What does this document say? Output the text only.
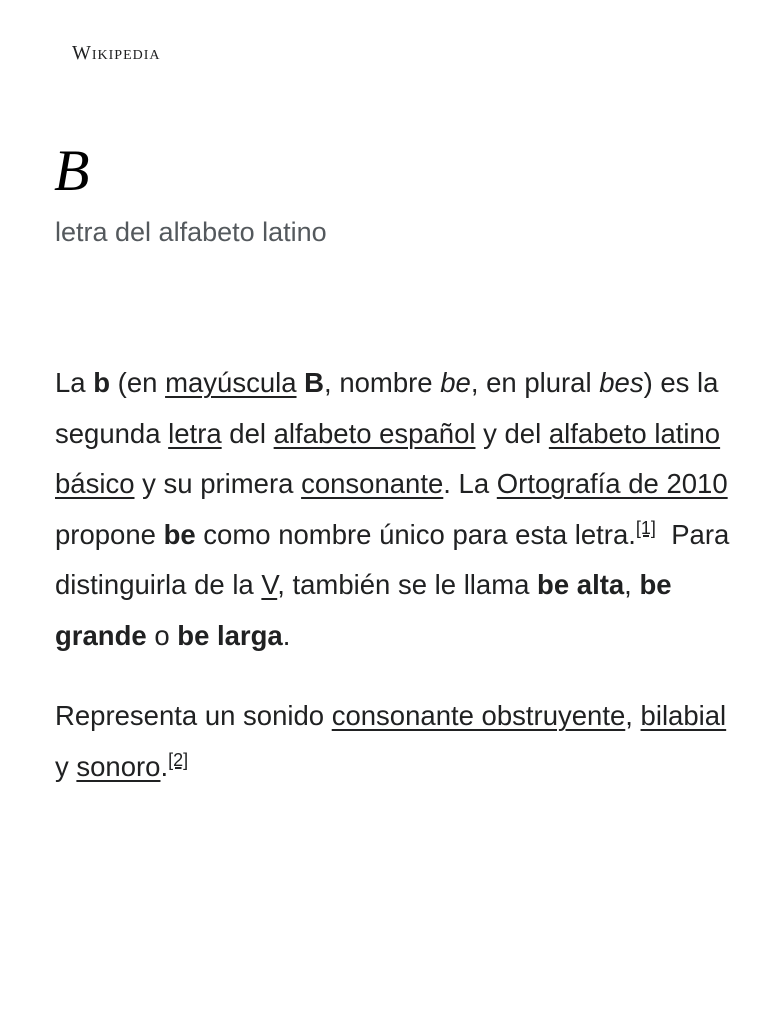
Wikipedia
B

letra del alfabeto latino

La b (en mayúscula B, nombre be, en plural bes) es la segunda letra del alfabeto español y del alfabeto latino básico y su primera consonante. La Ortografía de 2010 propone be como nombre único para esta letra.[1]  Para distinguirla de la V, también se le llama be alta, be grande o be larga.

Representa un sonido consonante obstruyente, bilabial y sonoro.[2]
